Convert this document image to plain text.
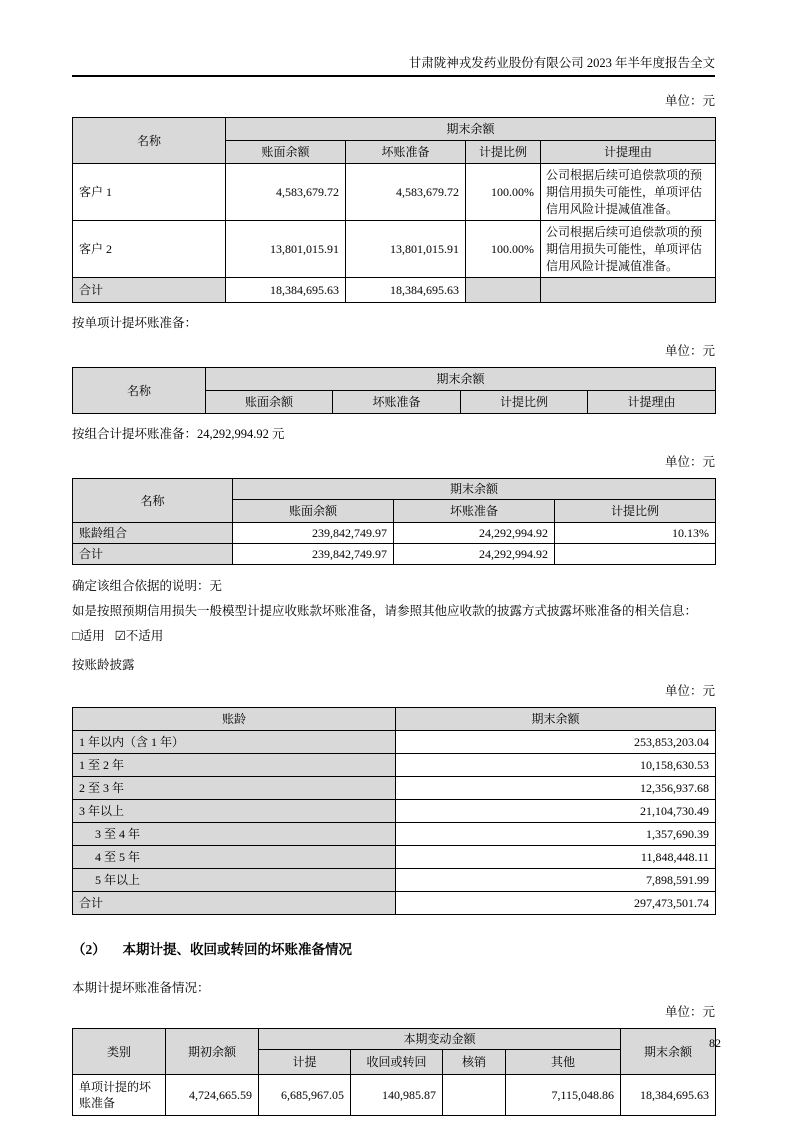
甘肃陇神戎发药业股份有限公司 2023 年半年度报告全文
单位：元
名称	期末余额			
	账面余额	坏账准备	计提比例	计提理由
客户 1	4,583,679.72	4,583,679.72	100.00%	公司根据后续可追偿款项的预期信用损失可能性，单项评估信用风险计提减值准备。
客户 2	13,801,015.91	13,801,015.91	100.00%	公司根据后续可追偿款项的预期信用损失可能性，单项评估信用风险计提减值准备。
合计	18,384,695.63	18,384,695.63		
按单项计提坏账准备：
单位：元
名称	期末余额			
	账面余额	坏账准备	计提比例	计提理由
按组合计提坏账准备：24,292,994.92 元
单位：元
名称	期末余额		
	账面余额	坏账准备	计提比例
账龄组合	239,842,749.97	24,292,994.92	10.13%
合计	239,842,749.97	24,292,994.92	
确定该组合依据的说明：无
如是按照预期信用损失一般模型计提应收账款坏账准备，请参照其他应收款的披露方式披露坏账准备的相关信息：
□适用 ☑不适用
按账龄披露
单位：元
账龄	期末余额
1 年以内（含 1 年）	253,853,203.04
1 至 2 年	10,158,630.53
2 至 3 年	12,356,937.68
3 年以上	21,104,730.49
3 至 4 年	1,357,690.39
4 至 5 年	11,848,448.11
5 年以上	7,898,591.99
合计	297,473,501.74
（2） 本期计提、收回或转回的坏账准备情况
本期计提坏账准备情况：
单位：元
类别	期初余额	本期变动金额				期末余额
		计提	收回或转回	核销	其他	
单项计提的坏账准备	4,724,665.59	6,685,967.05	140,985.87		7,115,048.86	18,384,695.63
82
